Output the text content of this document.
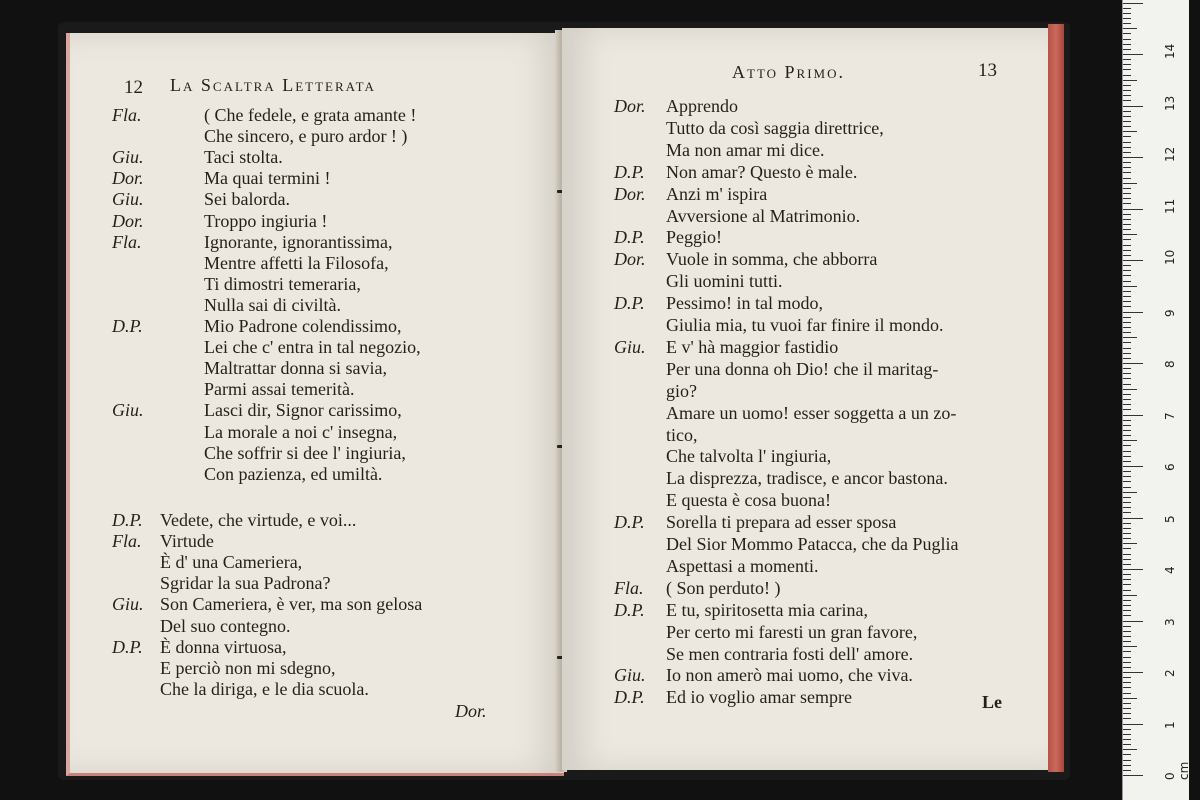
12 La Scaltra Letterata
Fla.	( Che fedele, e grata amante !
Che sincero, e puro ardor ! )
Giu.	Taci stolta.
Dor.	Ma quai termini !
Giu.	Sei balorda.
Dor.	Troppo ingiuria !
Fla.	Ignorante, ignorantissima,
Mentre affetti la Filosofa,
Ti dimostri temeraria,
Nulla sai di civiltà.
D.P.	Mio Padrone colendissimo,
Lei che c' entra in tal negozio,
Maltrattar donna si savia,
Parmi assai temerità.
Giu.	Lasci dir, Signor carissimo,
La morale a noi c' insegna,
Che soffrir si dee l' ingiuria,
Con pazienza, ed umiltà.
D.P. Vedete, che virtude, e voi...
Fla. Virtude
È d' una Cameriera,
Sgridar la sua Padrona?
Giu. Son Cameriera, è ver, ma son gelosa
Del suo contegno.
D.P. È donna virtuosa,
E perciò non mi sdegno,
Che la diriga, e le dia scuola.
Dor.
Atto Primo.	13
Dor. Apprendo
Tutto da così saggia direttrice,
Ma non amar mi dice.
D.P. Non amar? Questo è male.
Dor. Anzi m' ispira
Avversione al Matrimonio.
D.P. Peggio!
Dor. Vuole in somma, che abborra
Gli uomini tutti.
D.P. Pessimo! in tal modo,
Giulia mia, tu vuoi far finire il mondo.
Giu. E v' hà maggior fastidio
Per una donna oh Dio! che il maritag-
gio?
Amare un uomo! esser soggetta a un zo-
tico,
Che talvolta l' ingiuria,
La disprezza, tradisce, e ancor bastona.
E questa è cosa buona!
D.P. Sorella ti prepara ad esser sposa
Del Sior Mommo Patacca, che da Puglia
Aspettasi a momenti.
Fla. ( Son perduto! )
D.P. E tu, spiritosetta mia carina,
Per certo mi faresti un gran favore,
Se men contraria fosti dell' amore.
Giu. Io non amerò mai uomo, che viva.
D.P. Ed io voglio amar sempre	Le
0 cm
1
2
3
4
5
6
7
8
9
10
11
12
13
14
